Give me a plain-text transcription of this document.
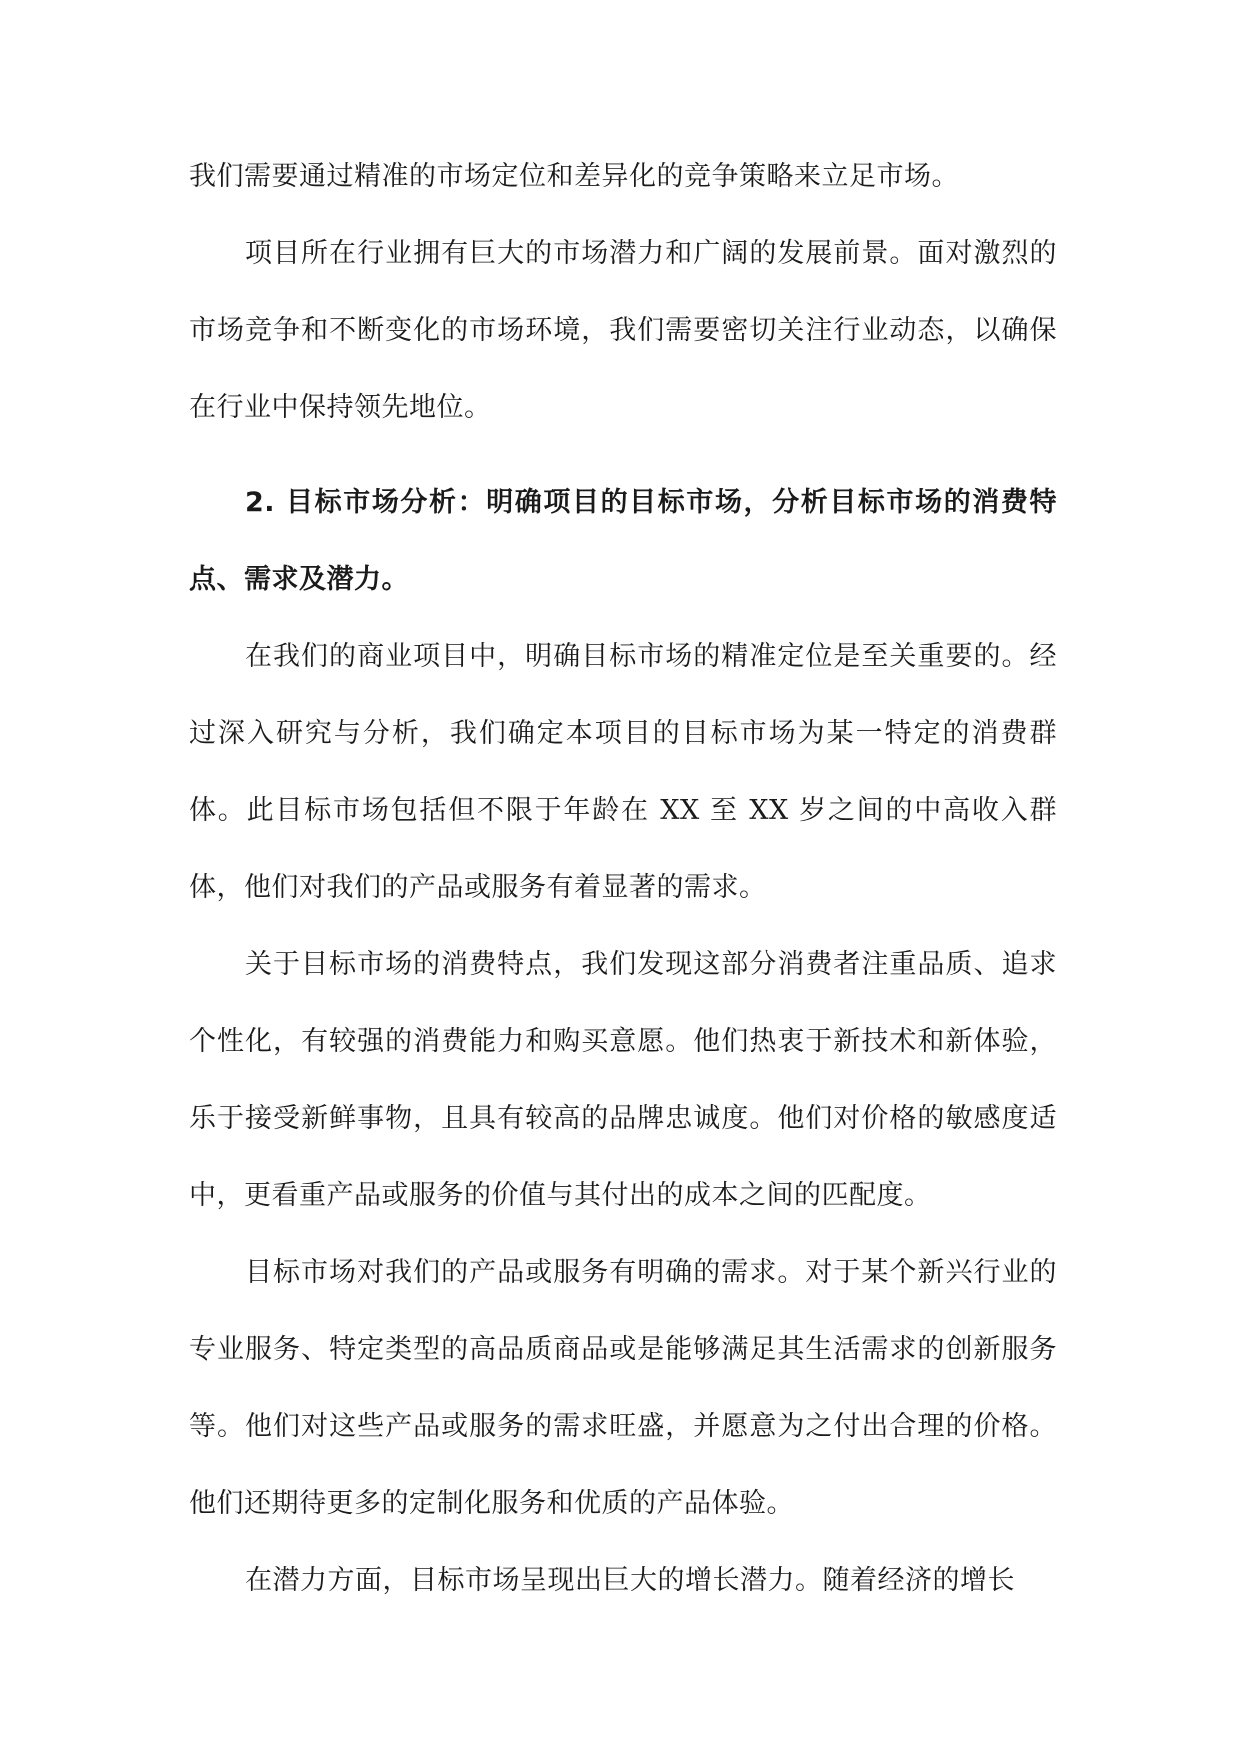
我们需要通过精准的市场定位和差异化的竞争策略来立足市场。

项目所在行业拥有巨大的市场潜力和广阔的发展前景。面对激烈的市场竞争和不断变化的市场环境，我们需要密切关注行业动态，以确保在行业中保持领先地位。

2. 目标市场分析：明确项目的目标市场，分析目标市场的消费特点、需求及潜力。

在我们的商业项目中，明确目标市场的精准定位是至关重要的。经过深入研究与分析，我们确定本项目的目标市场为某一特定的消费群体。此目标市场包括但不限于年龄在 XX 至 XX 岁之间的中高收入群体，他们对我们的产品或服务有着显著的需求。

关于目标市场的消费特点，我们发现这部分消费者注重品质、追求个性化，有较强的消费能力和购买意愿。他们热衷于新技术和新体验，乐于接受新鲜事物，且具有较高的品牌忠诚度。他们对价格的敏感度适中，更看重产品或服务的价值与其付出的成本之间的匹配度。

目标市场对我们的产品或服务有明确的需求。对于某个新兴行业的专业服务、特定类型的高品质商品或是能够满足其生活需求的创新服务等。他们对这些产品或服务的需求旺盛，并愿意为之付出合理的价格。他们还期待更多的定制化服务和优质的产品体验。

在潜力方面，目标市场呈现出巨大的增长潜力。随着经济的增长
